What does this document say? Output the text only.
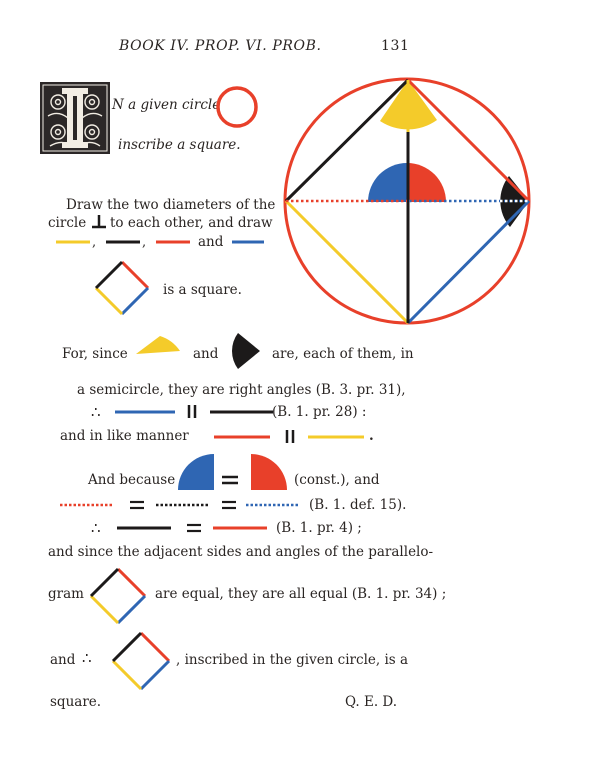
BOOK IV. PROP. VI. PROB.	131
N a given circle
inscribe a square.
Draw the two diameters of the
circle to each other, and draw
,	,	and
is a square.
For, since	and	are, each of them, in
a semicircle, they are right angles (B. 3. pr. 31),
∴	(B. 1. pr. 28) :
and in like manner	.
And because	(const.), and
(B. 1. def. 15).
∴	(B. 1. pr. 4) ;
and since the adjacent sides and angles of the parallelo-
gram	are equal, they are all equal (B. 1. pr. 34) ;
and ∴	, inscribed in the given circle, is a
square.	Q. E. D.
